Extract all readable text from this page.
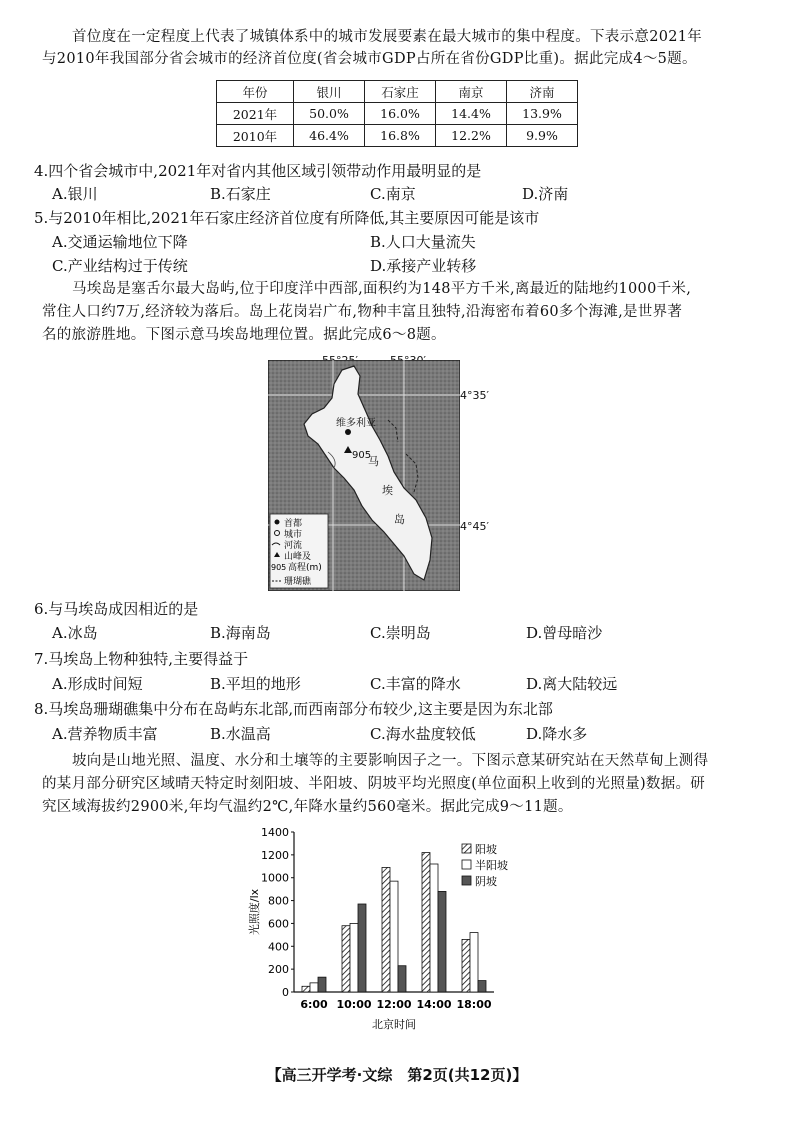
首位度在一定程度上代表了城镇体系中的城市发展要素在最大城市的集中程度。下表示意2021年
与2010年我国部分省会城市的经济首位度(省会城市GDP占所在省份GDP比重)。据此完成4～5题。
年份	银川	石家庄	南京	济南
2021年	50.0%	16.0%	14.4%	13.9%
2010年	46.4%	16.8%	12.2%	9.9%
4.四个省会城市中,2021年对省内其他区域引领带动作用最明显的是
A.银川	B.石家庄	C.南京	D.济南
5.与2010年相比,2021年石家庄经济首位度有所降低,其主要原因可能是该市
A.交通运输地位下降	B.人口大量流失
C.产业结构过于传统	D.承接产业转移
马埃岛是塞舌尔最大岛屿,位于印度洋中西部,面积约为148平方千米,离最近的陆地约1000千米,
常住人口约7万,经济较为落后。岛上花岗岩广布,物种丰富且独特,沿海密布着60多个海滩,是世界著
名的旅游胜地。下图示意马埃岛地理位置。据此完成6～8题。
4°35′
4°45′
维多利亚
905
马
埃
岛
首都
城市
河流
山峰及
905 高程(m)
珊瑚礁
6.与马埃岛成因相近的是
A.冰岛	B.海南岛	C.崇明岛	D.曾母暗沙
7.马埃岛上物种独特,主要得益于
A.形成时间短	B.平坦的地形	C.丰富的降水	D.离大陆较远
8.马埃岛珊瑚礁集中分布在岛屿东北部,而西南部分布较少,这主要是因为东北部
A.营养物质丰富	B.水温高	C.海水盐度较低	D.降水多
坡向是山地光照、温度、水分和土壤等的主要影响因子之一。下图示意某研究站在天然草甸上测得
的某月部分研究区域晴天特定时刻阳坡、半阳坡、阴坡平均光照度(单位面积上收到的光照量)数据。研
究区域海拔约2900米,年均气温约2℃,年降水量约560毫米。据此完成9～11题。
0
200
400
600
800
1000
1200
1400
光照度/lx
6:00 10:00 12:00 14:00 18:00
北京时间
阳坡
半阳坡
阴坡
【高三开学考·文综　第2页(共12页)】
